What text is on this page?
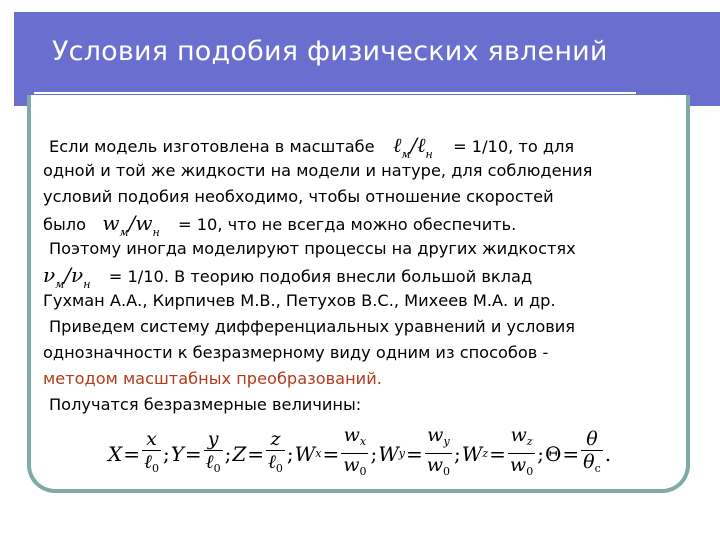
Условия подобия физических явлений
Если модель изготовлена в масштабе ℓ$_м$/ℓ$_н$ = 1/10, то для
одной и той же жидкости на модели и натуре, для соблюдения
условий подобия необходимо, чтобы отношение скоростей
было $w_м/w_н = 10$, что не всегда можно обеспечить.
Поэтому иногда моделируют процессы на других жидкостях
$\nu_м/\nu_н = 1/10$. В теорию подобия внесли большой вклад
Гухман А.А., Кирпичев М.В., Петухов В.С., Михеев М.А. и др.
Приведем систему дифференциальных уравнений и условия
однозначности к безразмерному виду одним из способов -
методом масштабных преобразований.
Получатся безразмерные величины:
$X = \frac{x}{\ell_0}$ ; $Y = \frac{y}{\ell_0}$ ; $Z = \frac{z}{\ell_0}$ ; W $x = \frac{w_x}{w_0}$ ; W $y = \frac{w_y}{w_0}$ ; W $z = \frac{w_z}{w_0}$ ; $\Theta = \frac{\theta}{\theta_c}$ .
